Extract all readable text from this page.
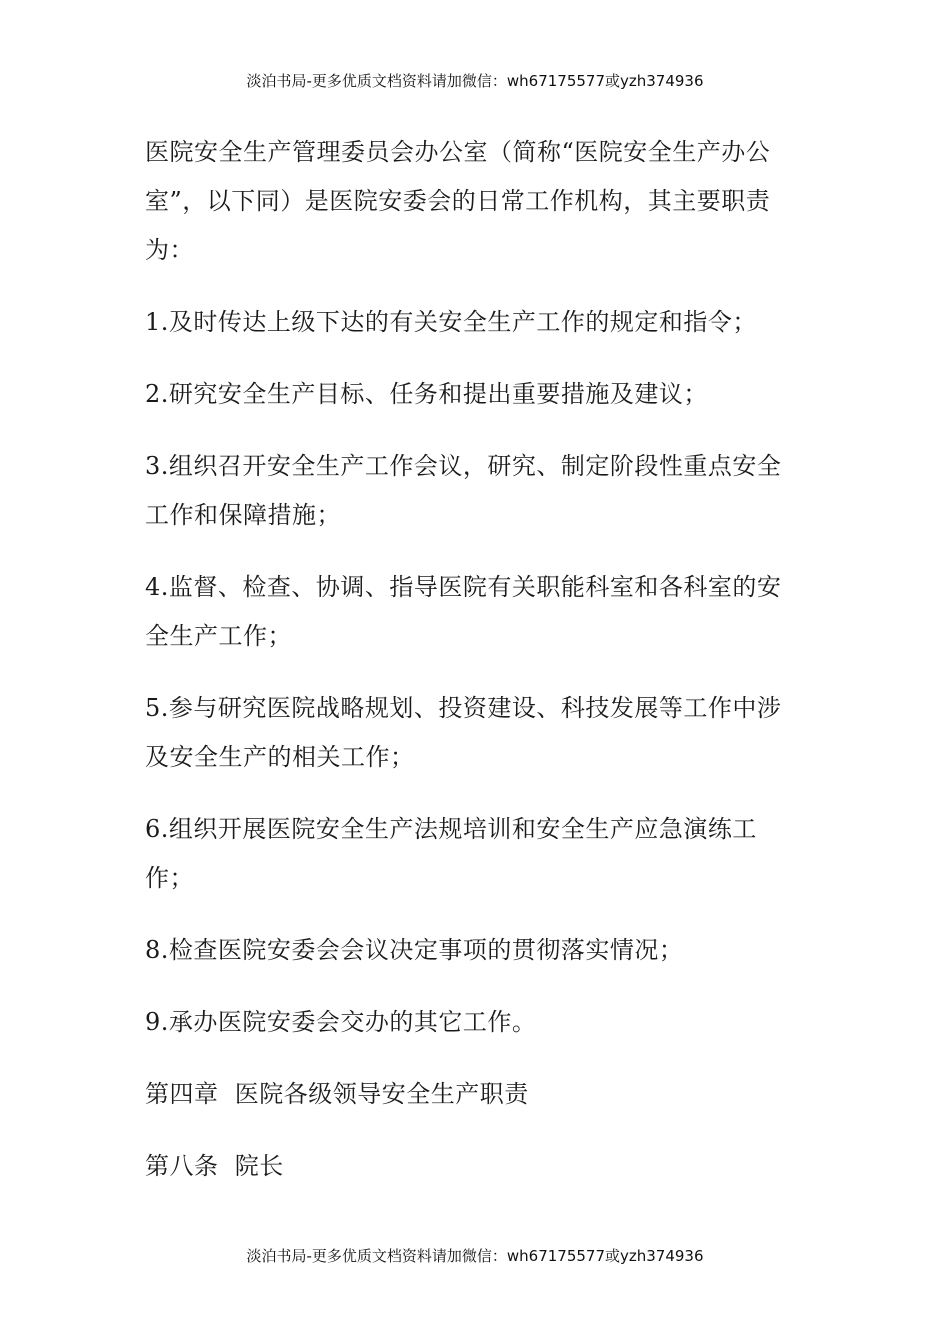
淡泊书局-更多优质文档资料请加微信：wh67175577或yzh374936

医院安全生产管理委员会办公室（简称“医院安全生产办公室”，以下同）是医院安委会的日常工作机构，其主要职责为：

1.及时传达上级下达的有关安全生产工作的规定和指令；

2.研究安全生产目标、任务和提出重要措施及建议；

3.组织召开安全生产工作会议，研究、制定阶段性重点安全工作和保障措施；

4.监督、检查、协调、指导医院有关职能科室和各科室的安全生产工作；

5.参与研究医院战略规划、投资建设、科技发展等工作中涉及安全生产的相关工作；

6.组织开展医院安全生产法规培训和安全生产应急演练工作；

8.检查医院安委会会议决定事项的贯彻落实情况；

9.承办医院安委会交办的其它工作。

第四章  医院各级领导安全生产职责

第八条  院长

淡泊书局-更多优质文档资料请加微信：wh67175577或yzh374936
